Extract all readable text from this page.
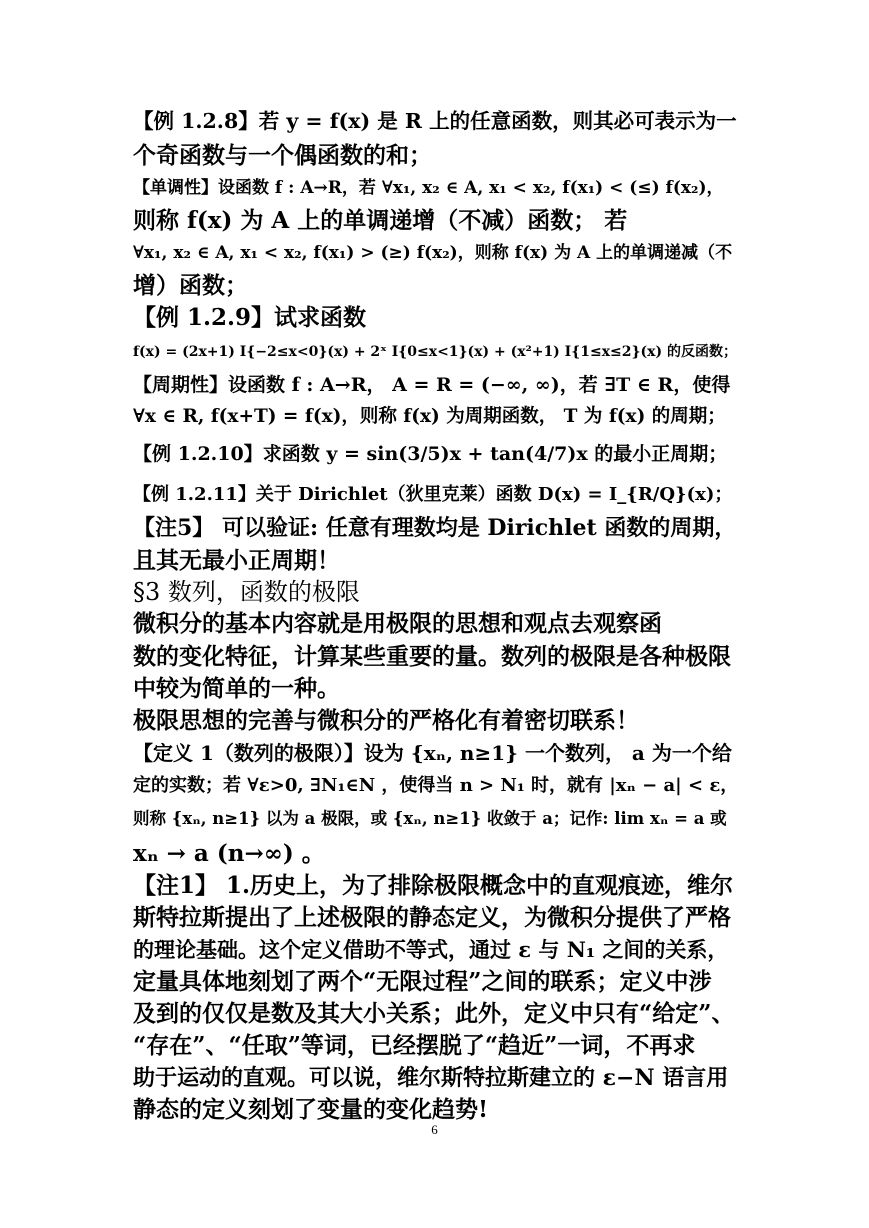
【例 1.2.8】若 y = f(x) 是 R 上的任意函数，则其必可表示为一
个奇函数与一个偶函数的和；
【单调性】设函数 f : A→R，若 ∀x₁, x₂ ∈ A, x₁ < x₂, f(x₁) < (≤) f(x₂)，
则称 f(x) 为 A 上的单调递增（不减）函数； 若
∀x₁, x₂ ∈ A, x₁ < x₂, f(x₁) > (≥) f(x₂)，则称 f(x) 为 A 上的单调递减（不
增）函数；
【例 1.2.9】试求函数
f(x) = (2x+1) I{−2≤x<0}(x) + 2ˣ I{0≤x<1}(x) + (x²+1) I{1≤x≤2}(x) 的反函数；
【周期性】设函数 f : A→R， A = R = (−∞, ∞)，若 ∃T ∈ R，使得
∀x ∈ R, f(x+T) = f(x)，则称 f(x) 为周期函数， T 为 f(x) 的周期；
【例 1.2.10】求函数 y = sin(3/5)x + tan(4/7)x 的最小正周期；
【例 1.2.11】关于 Dirichlet（狄里克莱）函数 D(x) = I_{R/Q}(x)；
【注5】 可以验证: 任意有理数均是 Dirichlet 函数的周期，
且其无最小正周期！
§3 数列，函数的极限
微积分的基本内容就是用极限的思想和观点去观察函
数的变化特征，计算某些重要的量。数列的极限是各种极限
中较为简单的一种。
极限思想的完善与微积分的严格化有着密切联系！
【定义 1（数列的极限）】设为 {xₙ, n≥1} 一个数列， a 为一个给
定的实数；若 ∀ε>0, ∃N₁∈N ，使得当 n > N₁ 时，就有 |xₙ − a| < ε，
则称 {xₙ, n≥1} 以为 a 极限，或 {xₙ, n≥1} 收敛于 a；记作: lim xₙ = a 或
xₙ → a (n→∞) 。
【注1】 1.历史上，为了排除极限概念中的直观痕迹，维尔
斯特拉斯提出了上述极限的静态定义，为微积分提供了严格
的理论基础。这个定义借助不等式，通过 ε 与 N₁ 之间的关系，
定量具体地刻划了两个“无限过程”之间的联系；定义中涉
及到的仅仅是数及其大小关系；此外，定义中只有“给定”、
“存在”、“任取”等词，已经摆脱了“趋近”一词，不再求
助于运动的直观。可以说，维尔斯特拉斯建立的 ε−N 语言用
静态的定义刻划了变量的变化趋势!
6
